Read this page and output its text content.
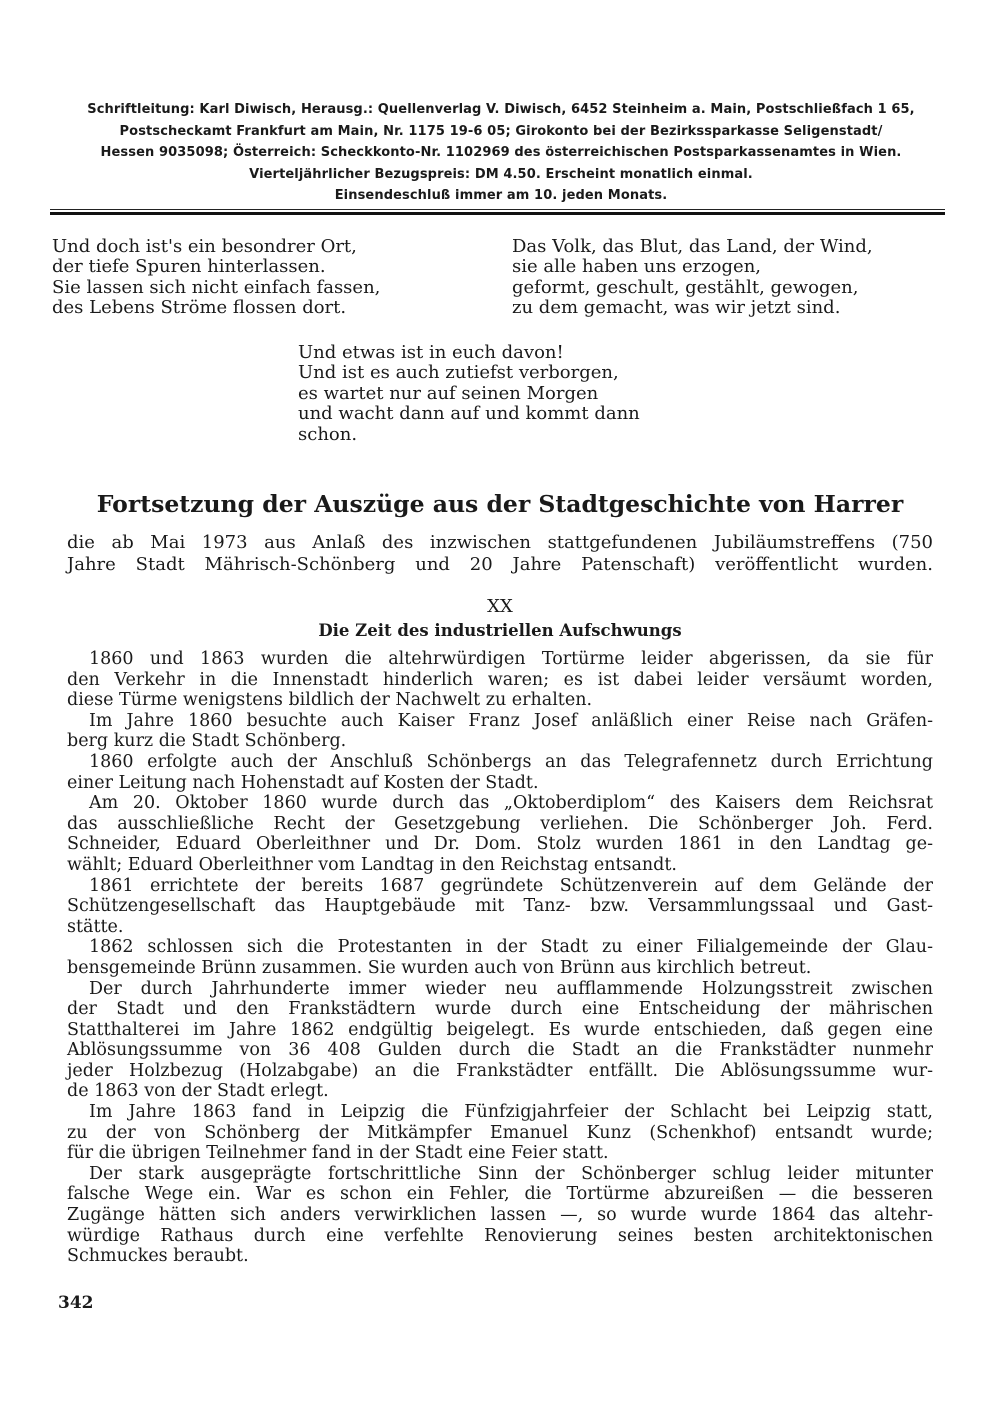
Schriftleitung: Karl Diwisch, Herausg.: Quellenverlag V. Diwisch, 6452 Steinheim a. Main, Postschließfach 1 65,
Postscheckamt Frankfurt am Main, Nr. 1175 19-6 05; Girokonto bei der Bezirkssparkasse Seligenstadt/
Hessen 9035098; Österreich: Scheckkonto-Nr. 1102969 des österreichischen Postsparkassenamtes in Wien.
Vierteljährlicher Bezugspreis: DM 4.50. Erscheint monatlich einmal.
Einsendeschluß immer am 10. jeden Monats.
Und doch ist's ein besondrer Ort,
der tiefe Spuren hinterlassen.
Sie lassen sich nicht einfach fassen,
des Lebens Ströme flossen dort.
Das Volk, das Blut, das Land, der Wind,
sie alle haben uns erzogen,
geformt, geschult, gestählt, gewogen,
zu dem gemacht, was wir jetzt sind.
Und etwas ist in euch davon!
Und ist es auch zutiefst verborgen,
es wartet nur auf seinen Morgen
und wacht dann auf und kommt dann
schon.
Fortsetzung der Auszüge aus der Stadtgeschichte von Harrer
die ab Mai 1973 aus Anlaß des inzwischen stattgefundenen Jubiläumstreffens (750
Jahre Stadt Mährisch-Schönberg und 20 Jahre Patenschaft) veröffentlicht wurden.
XX
Die Zeit des industriellen Aufschwungs
1860 und 1863 wurden die altehrwürdigen Tortürme leider abgerissen, da sie für
den Verkehr in die Innenstadt hinderlich waren; es ist dabei leider versäumt worden,
diese Türme wenigstens bildlich der Nachwelt zu erhalten.
Im Jahre 1860 besuchte auch Kaiser Franz Josef anläßlich einer Reise nach Gräfen-
berg kurz die Stadt Schönberg.
1860 erfolgte auch der Anschluß Schönbergs an das Telegrafennetz durch Errichtung
einer Leitung nach Hohenstadt auf Kosten der Stadt.
Am 20. Oktober 1860 wurde durch das „Oktoberdiplom“ des Kaisers dem Reichsrat
das ausschließliche Recht der Gesetzgebung verliehen. Die Schönberger Joh. Ferd.
Schneider, Eduard Oberleithner und Dr. Dom. Stolz wurden 1861 in den Landtag ge-
wählt; Eduard Oberleithner vom Landtag in den Reichstag entsandt.
1861 errichtete der bereits 1687 gegründete Schützenverein auf dem Gelände der
Schützengesellschaft das Hauptgebäude mit Tanz- bzw. Versammlungssaal und Gast-
stätte.
1862 schlossen sich die Protestanten in der Stadt zu einer Filialgemeinde der Glau-
bensgemeinde Brünn zusammen. Sie wurden auch von Brünn aus kirchlich betreut.
Der durch Jahrhunderte immer wieder neu aufflammende Holzungsstreit zwischen
der Stadt und den Frankstädtern wurde durch eine Entscheidung der mährischen
Statthalterei im Jahre 1862 endgültig beigelegt. Es wurde entschieden, daß gegen eine
Ablösungssumme von 36 408 Gulden durch die Stadt an die Frankstädter nunmehr
jeder Holzbezug (Holzabgabe) an die Frankstädter entfällt. Die Ablösungssumme wur-
de 1863 von der Stadt erlegt.
Im Jahre 1863 fand in Leipzig die Fünfzigjahrfeier der Schlacht bei Leipzig statt,
zu der von Schönberg der Mitkämpfer Emanuel Kunz (Schenkhof) entsandt wurde;
für die übrigen Teilnehmer fand in der Stadt eine Feier statt.
Der stark ausgeprägte fortschrittliche Sinn der Schönberger schlug leider mitunter
falsche Wege ein. War es schon ein Fehler, die Tortürme abzureißen — die besseren
Zugänge hätten sich anders verwirklichen lassen —, so wurde wurde 1864 das altehr-
würdige Rathaus durch eine verfehlte Renovierung seines besten architektonischen
Schmuckes beraubt.
342
